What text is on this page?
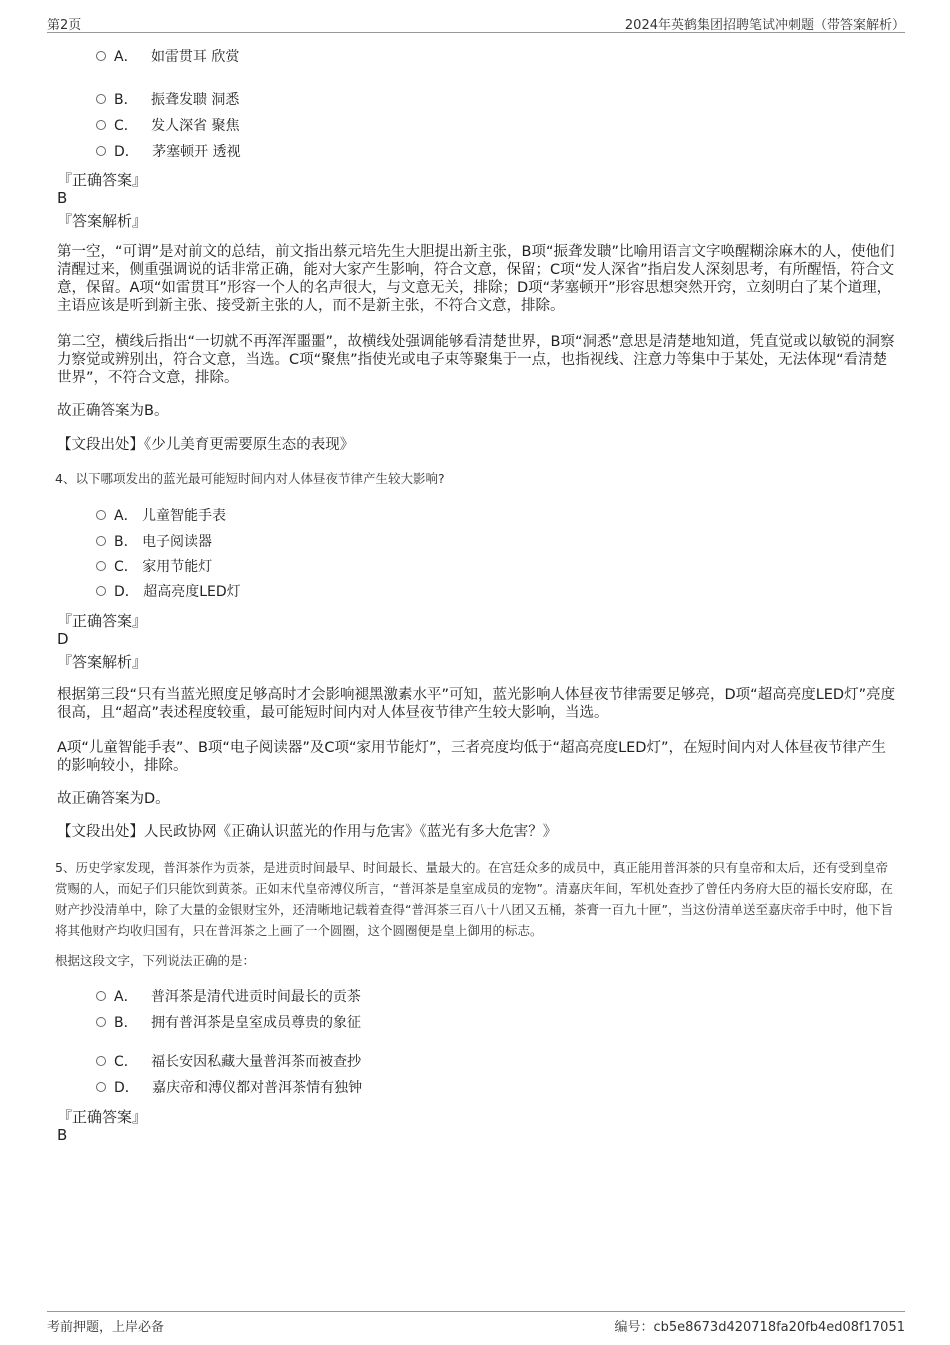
第2页	2024年英鹤集团招聘笔试冲刺题（带答案解析）
A． 如雷贯耳 欣赏
B． 振聋发聩 洞悉
C． 发人深省 聚焦
D． 茅塞顿开 透视
『正确答案』
B
『答案解析』
第一空，“可谓”是对前文的总结，前文指出蔡元培先生大胆提出新主张，B项“振聋发聩”比喻用语言文字唤醒糊涂麻木的人，使他们清醒过来，侧重强调说的话非常正确，能对大家产生影响，符合文意，保留；C项“发人深省”指启发人深刻思考，有所醒悟，符合文意，保留。A项“如雷贯耳”形容一个人的名声很大，与文意无关，排除；D项“茅塞顿开”形容思想突然开窍，立刻明白了某个道理，主语应该是听到新主张、接受新主张的人，而不是新主张，不符合文意，排除。
第二空，横线后指出“一切就不再浑浑噩噩”，故横线处强调能够看清楚世界，B项“洞悉”意思是清楚地知道，凭直觉或以敏锐的洞察力察觉或辨别出，符合文意，当选。C项“聚焦”指使光或电子束等聚集于一点，也指视线、注意力等集中于某处，无法体现“看清楚世界”，不符合文意，排除。
故正确答案为B。
【文段出处】《少儿美育更需要原生态的表现》
4、以下哪项发出的蓝光最可能短时间内对人体昼夜节律产生较大影响?
A． 儿童智能手表
B． 电子阅读器
C． 家用节能灯
D． 超高亮度LED灯
『正确答案』
D
『答案解析』
根据第三段“只有当蓝光照度足够高时才会影响褪黑激素水平”可知，蓝光影响人体昼夜节律需要足够亮，D项“超高亮度LED灯”亮度很高，且“超高”表述程度较重，最可能短时间内对人体昼夜节律产生较大影响，当选。
A项“儿童智能手表”、B项“电子阅读器”及C项“家用节能灯”，三者亮度均低于“超高亮度LED灯”，在短时间内对人体昼夜节律产生的影响较小，排除。
故正确答案为D。
【文段出处】人民政协网《正确认识蓝光的作用与危害》《蓝光有多大危害？》
5、历史学家发现，普洱茶作为贡茶，是进贡时间最早、时间最长、量最大的。在宫廷众多的成员中，真正能用普洱茶的只有皇帝和太后，还有受到皇帝赏赐的人，而妃子们只能饮到黄茶。正如末代皇帝溥仪所言，“普洱茶是皇室成员的宠物”。清嘉庆年间，军机处查抄了曾任内务府大臣的福长安府邸，在财产抄没清单中，除了大量的金银财宝外，还清晰地记载着查得“普洱茶三百八十八团又五桶，茶膏一百九十匣”，当这份清单送至嘉庆帝手中时，他下旨将其他财产均收归国有，只在普洱茶之上画了一个圆圈，这个圆圈便是皇上御用的标志。
根据这段文字，下列说法正确的是：
A． 普洱茶是清代进贡时间最长的贡茶
B． 拥有普洱茶是皇室成员尊贵的象征
C． 福长安因私藏大量普洱茶而被查抄
D． 嘉庆帝和溥仪都对普洱茶情有独钟
『正确答案』
B
考前押题，上岸必备	编号：cb5e8673d420718fa20fb4ed08f17051
